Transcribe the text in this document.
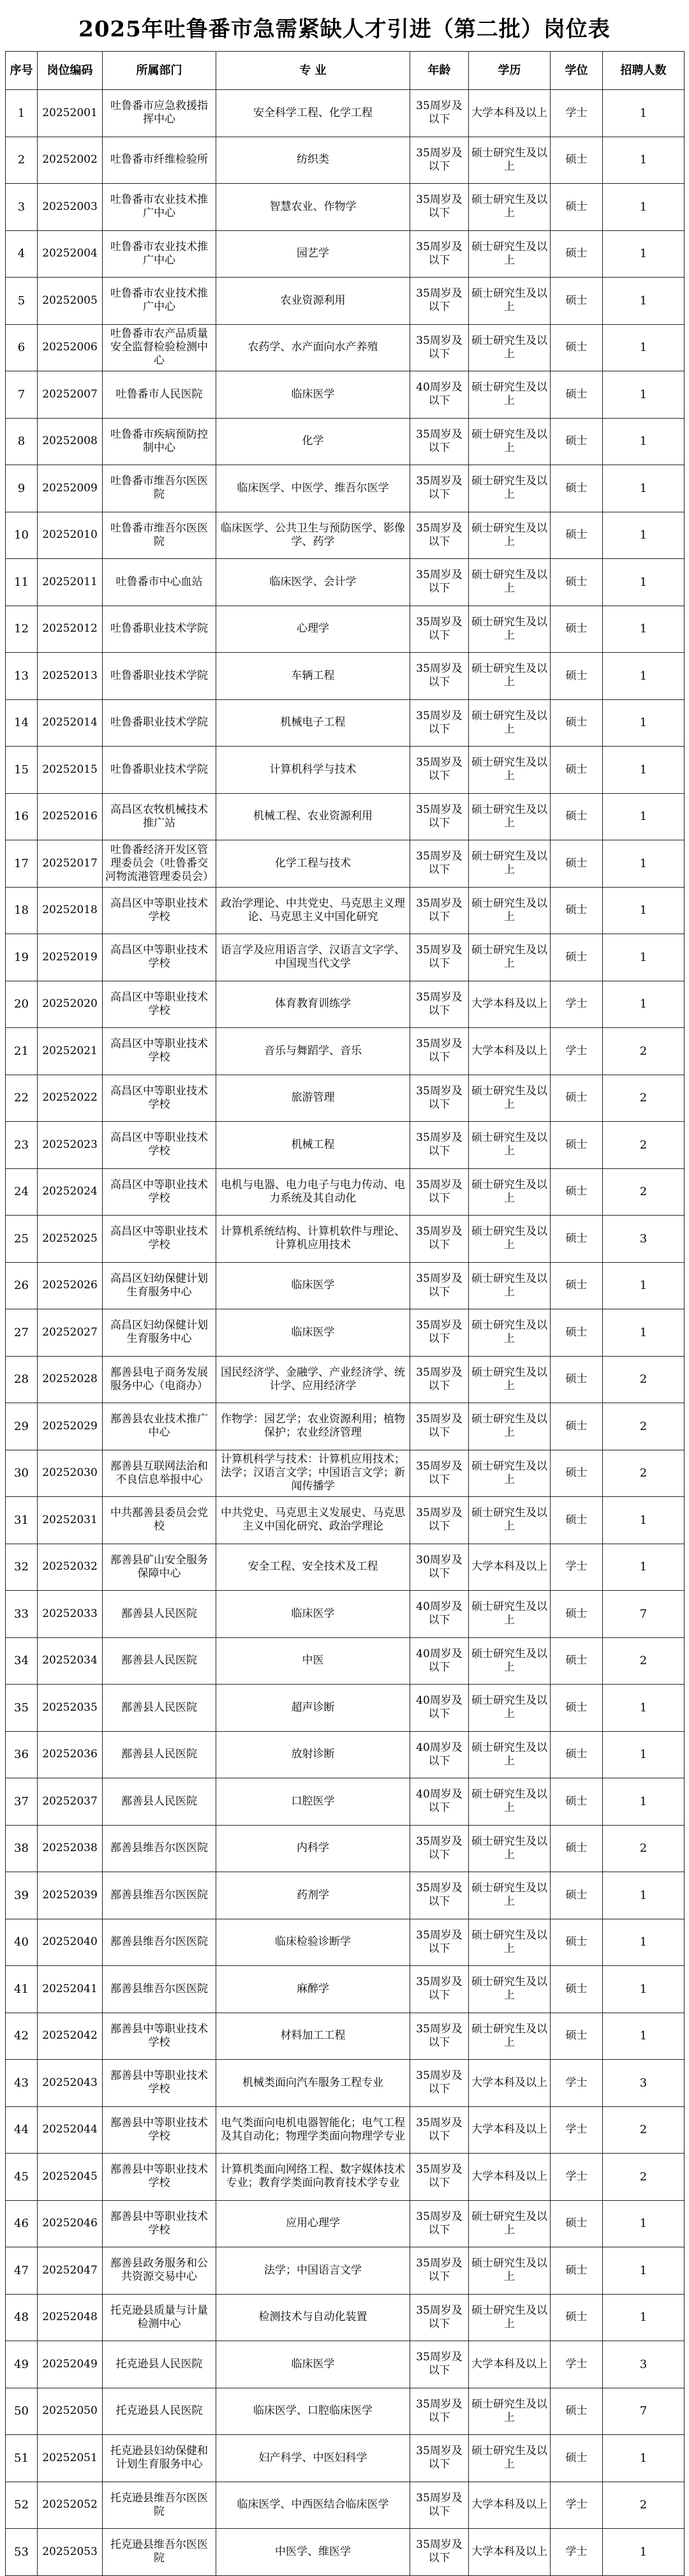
2025年吐鲁番市急需紧缺人才引进（第二批）岗位表
序号	岗位编码	所属部门	专 业	年龄	学历	学位	招聘人数
1	20252001	吐鲁番市应急救援指挥中心	安全科学工程、化学工程	35周岁及以下	大学本科及以上	学士	1
2	20252002	吐鲁番市纤维检验所	纺织类	35周岁及以下	硕士研究生及以上	硕士	1
3	20252003	吐鲁番市农业技术推广中心	智慧农业、作物学	35周岁及以下	硕士研究生及以上	硕士	1
4	20252004	吐鲁番市农业技术推广中心	园艺学	35周岁及以下	硕士研究生及以上	硕士	1
5	20252005	吐鲁番市农业技术推广中心	农业资源利用	35周岁及以下	硕士研究生及以上	硕士	1
6	20252006	吐鲁番市农产品质量安全监督检验检测中心	农药学、水产面向水产养殖	35周岁及以下	硕士研究生及以上	硕士	1
7	20252007	吐鲁番市人民医院	临床医学	40周岁及以下	硕士研究生及以上	硕士	1
8	20252008	吐鲁番市疾病预防控制中心	化学	35周岁及以下	硕士研究生及以上	硕士	1
9	20252009	吐鲁番市维吾尔医医院	临床医学、中医学、维吾尔医学	35周岁及以下	硕士研究生及以上	硕士	1
10	20252010	吐鲁番市维吾尔医医院	临床医学、公共卫生与预防医学、影像学、药学	35周岁及以下	硕士研究生及以上	硕士	1
11	20252011	吐鲁番市中心血站	临床医学、会计学	35周岁及以下	硕士研究生及以上	硕士	1
12	20252012	吐鲁番职业技术学院	心理学	35周岁及以下	硕士研究生及以上	硕士	1
13	20252013	吐鲁番职业技术学院	车辆工程	35周岁及以下	硕士研究生及以上	硕士	1
14	20252014	吐鲁番职业技术学院	机械电子工程	35周岁及以下	硕士研究生及以上	硕士	1
15	20252015	吐鲁番职业技术学院	计算机科学与技术	35周岁及以下	硕士研究生及以上	硕士	1
16	20252016	高昌区农牧机械技术推广站	机械工程、农业资源利用	35周岁及以下	硕士研究生及以上	硕士	1
17	20252017	吐鲁番经济开发区管理委员会（吐鲁番交河物流港管理委员会）	化学工程与技术	35周岁及以下	硕士研究生及以上	硕士	1
18	20252018	高昌区中等职业技术学校	政治学理论、中共党史、马克思主义理论、马克思主义中国化研究	35周岁及以下	硕士研究生及以上	硕士	1
19	20252019	高昌区中等职业技术学校	语言学及应用语言学、汉语言文字学、中国现当代文学	35周岁及以下	硕士研究生及以上	硕士	1
20	20252020	高昌区中等职业技术学校	体育教育训练学	35周岁及以下	大学本科及以上	学士	1
21	20252021	高昌区中等职业技术学校	音乐与舞蹈学、音乐	35周岁及以下	大学本科及以上	学士	2
22	20252022	高昌区中等职业技术学校	旅游管理	35周岁及以下	硕士研究生及以上	硕士	2
23	20252023	高昌区中等职业技术学校	机械工程	35周岁及以下	硕士研究生及以上	硕士	2
24	20252024	高昌区中等职业技术学校	电机与电器、电力电子与电力传动、电力系统及其自动化	35周岁及以下	硕士研究生及以上	硕士	2
25	20252025	高昌区中等职业技术学校	计算机系统结构、计算机软件与理论、计算机应用技术	35周岁及以下	硕士研究生及以上	硕士	3
26	20252026	高昌区妇幼保健计划生育服务中心	临床医学	35周岁及以下	硕士研究生及以上	硕士	1
27	20252027	高昌区妇幼保健计划生育服务中心	临床医学	35周岁及以下	硕士研究生及以上	硕士	1
28	20252028	鄯善县电子商务发展服务中心（电商办）	国民经济学、金融学、产业经济学、统计学、应用经济学	35周岁及以下	硕士研究生及以上	硕士	2
29	20252029	鄯善县农业技术推广中心	作物学：园艺学；农业资源利用；植物保护；农业经济管理	35周岁及以下	硕士研究生及以上	硕士	2
30	20252030	鄯善县互联网法治和不良信息举报中心	计算机科学与技术：计算机应用技术；法学；汉语言文学；中国语言文学；新闻传播学	35周岁及以下	硕士研究生及以上	硕士	2
31	20252031	中共鄯善县委员会党校	中共党史、马克思主义发展史、马克思主义中国化研究、政治学理论	35周岁及以下	硕士研究生及以上	硕士	1
32	20252032	鄯善县矿山安全服务保障中心	安全工程、安全技术及工程	30周岁及以下	大学本科及以上	学士	1
33	20252033	鄯善县人民医院	临床医学	40周岁及以下	硕士研究生及以上	硕士	7
34	20252034	鄯善县人民医院	中医	40周岁及以下	硕士研究生及以上	硕士	2
35	20252035	鄯善县人民医院	超声诊断	40周岁及以下	硕士研究生及以上	硕士	1
36	20252036	鄯善县人民医院	放射诊断	40周岁及以下	硕士研究生及以上	硕士	1
37	20252037	鄯善县人民医院	口腔医学	40周岁及以下	硕士研究生及以上	硕士	1
38	20252038	鄯善县维吾尔医医院	内科学	35周岁及以下	硕士研究生及以上	硕士	2
39	20252039	鄯善县维吾尔医医院	药剂学	35周岁及以下	硕士研究生及以上	硕士	1
40	20252040	鄯善县维吾尔医医院	临床检验诊断学	35周岁及以下	硕士研究生及以上	硕士	1
41	20252041	鄯善县维吾尔医医院	麻醉学	35周岁及以下	硕士研究生及以上	硕士	1
42	20252042	鄯善县中等职业技术学校	材料加工工程	35周岁及以下	硕士研究生及以上	硕士	1
43	20252043	鄯善县中等职业技术学校	机械类面向汽车服务工程专业	35周岁及以下	大学本科及以上	学士	3
44	20252044	鄯善县中等职业技术学校	电气类面向电机电器智能化；电气工程及其自动化；物理学类面向物理学专业	35周岁及以下	大学本科及以上	学士	2
45	20252045	鄯善县中等职业技术学校	计算机类面向网络工程、数字媒体技术专业；教育学类面向教育技术学专业	35周岁及以下	大学本科及以上	学士	2
46	20252046	鄯善县中等职业技术学校	应用心理学	35周岁及以下	硕士研究生及以上	硕士	1
47	20252047	鄯善县政务服务和公共资源交易中心	法学；中国语言文学	35周岁及以下	硕士研究生及以上	硕士	1
48	20252048	托克逊县质量与计量检测中心	检测技术与自动化装置	35周岁及以下	硕士研究生及以上	硕士	1
49	20252049	托克逊县人民医院	临床医学	35周岁及以下	大学本科及以上	学士	3
50	20252050	托克逊县人民医院	临床医学、口腔临床医学	35周岁及以下	硕士研究生及以上	硕士	7
51	20252051	托克逊县妇幼保健和计划生育服务中心	妇产科学、中医妇科学	35周岁及以下	硕士研究生及以上	硕士	1
52	20252052	托克逊县维吾尔医医院	临床医学、中西医结合临床医学	35周岁及以下	大学本科及以上	学士	2
53	20252053	托克逊县维吾尔医医院	中医学、维医学	35周岁及以下	大学本科及以上	学士	1
